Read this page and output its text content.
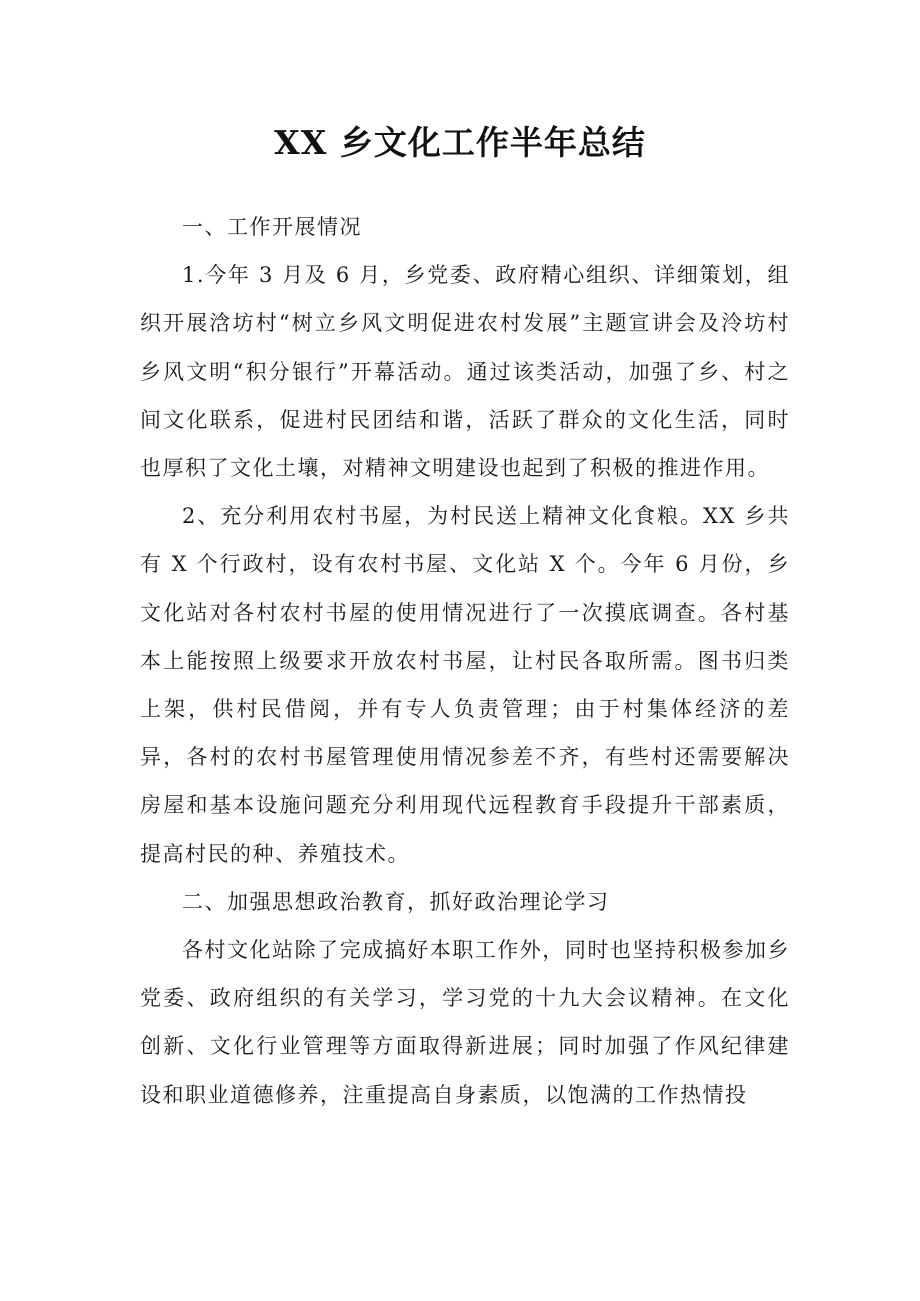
XX 乡文化工作半年总结

一、工作开展情况

1.今年 3 月及 6 月，乡党委、政府精心组织、详细策划，组织开展浛坊村“树立乡风文明促进农村发展”主题宣讲会及泠坊村乡风文明“积分银行”开幕活动。通过该类活动，加强了乡、村之间文化联系，促进村民团结和谐，活跃了群众的文化生活，同时也厚积了文化土壤，对精神文明建设也起到了积极的推进作用。

2、充分利用农村书屋，为村民送上精神文化食粮。XX 乡共有 X 个行政村，设有农村书屋、文化站 X 个。今年 6 月份，乡文化站对各村农村书屋的使用情况进行了一次摸底调查。各村基本上能按照上级要求开放农村书屋，让村民各取所需。图书归类上架，供村民借阅，并有专人负责管理；由于村集体经济的差异，各村的农村书屋管理使用情况参差不齐，有些村还需要解决房屋和基本设施问题充分利用现代远程教育手段提升干部素质，提高村民的种、养殖技术。

二、加强思想政治教育，抓好政治理论学习

各村文化站除了完成搞好本职工作外，同时也坚持积极参加乡党委、政府组织的有关学习，学习党的十九大会议精神。在文化创新、文化行业管理等方面取得新进展；同时加强了作风纪律建设和职业道德修养，注重提高自身素质，以饱满的工作热情投
